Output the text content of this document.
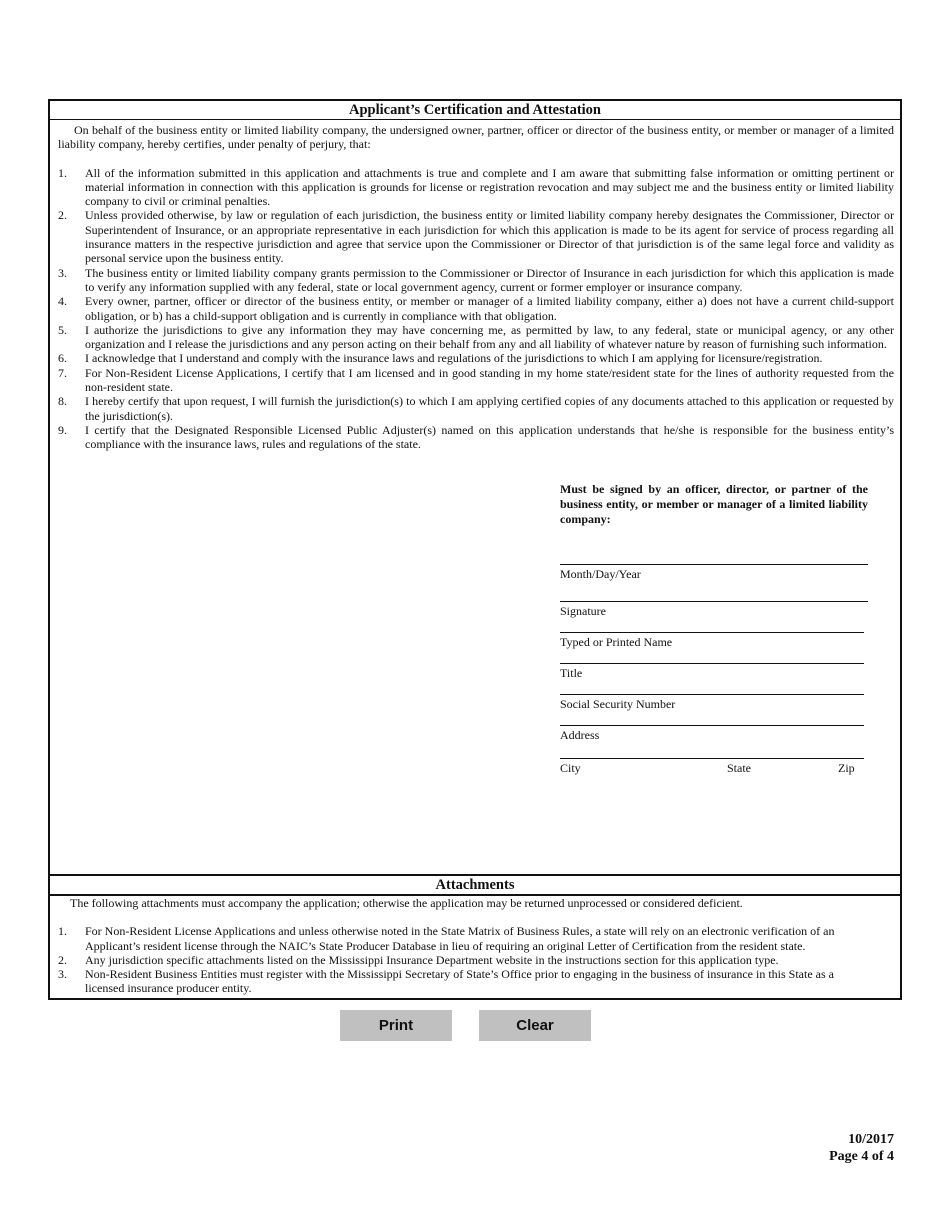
Applicant’s Certification and Attestation
On behalf of the business entity or limited liability company, the undersigned owner, partner, officer or director of the business entity, or member or manager of a limited liability company, hereby certifies, under penalty of perjury, that:
1. All of the information submitted in this application and attachments is true and complete and I am aware that submitting false information or omitting pertinent or material information in connection with this application is grounds for license or registration revocation and may subject me and the business entity or limited liability company to civil or criminal penalties.
2. Unless provided otherwise, by law or regulation of each jurisdiction, the business entity or limited liability company hereby designates the Commissioner, Director or Superintendent of Insurance, or an appropriate representative in each jurisdiction for which this application is made to be its agent for service of process regarding all insurance matters in the respective jurisdiction and agree that service upon the Commissioner or Director of that jurisdiction is of the same legal force and validity as personal service upon the business entity.
3. The business entity or limited liability company grants permission to the Commissioner or Director of Insurance in each jurisdiction for which this application is made to verify any information supplied with any federal, state or local government agency, current or former employer or insurance company.
4. Every owner, partner, officer or director of the business entity, or member or manager of a limited liability company, either a) does not have a current child-support obligation, or b) has a child-support obligation and is currently in compliance with that obligation.
5. I authorize the jurisdictions to give any information they may have concerning me, as permitted by law, to any federal, state or municipal agency, or any other organization and I release the jurisdictions and any person acting on their behalf from any and all liability of whatever nature by reason of furnishing such information.
6. I acknowledge that I understand and comply with the insurance laws and regulations of the jurisdictions to which I am applying for licensure/registration.
7. For Non-Resident License Applications, I certify that I am licensed and in good standing in my home state/resident state for the lines of authority requested from the non-resident state.
8. I hereby certify that upon request, I will furnish the jurisdiction(s) to which I am applying certified copies of any documents attached to this application or requested by the jurisdiction(s).
9. I certify that the Designated Responsible Licensed Public Adjuster(s) named on this application understands that he/she is responsible for the business entity’s compliance with the insurance laws, rules and regulations of the state.
Must be signed by an officer, director, or partner of the business entity, or member or manager of a limited liability company:
Month/Day/Year
Signature
Typed or Printed Name
Title
Social Security Number
Address
City	State	Zip
Attachments
The following attachments must accompany the application; otherwise the application may be returned unprocessed or considered deficient.
1. For Non-Resident License Applications and unless otherwise noted in the State Matrix of Business Rules, a state will rely on an electronic verification of an Applicant’s resident license through the NAIC’s State Producer Database in lieu of requiring an original Letter of Certification from the resident state.
2. Any jurisdiction specific attachments listed on the Mississippi Insurance Department website in the instructions section for this application type.
3. Non-Resident Business Entities must register with the Mississippi Secretary of State’s Office prior to engaging in the business of insurance in this State as a licensed insurance producer entity.
Print	Clear
10/2017
Page 4 of 4
